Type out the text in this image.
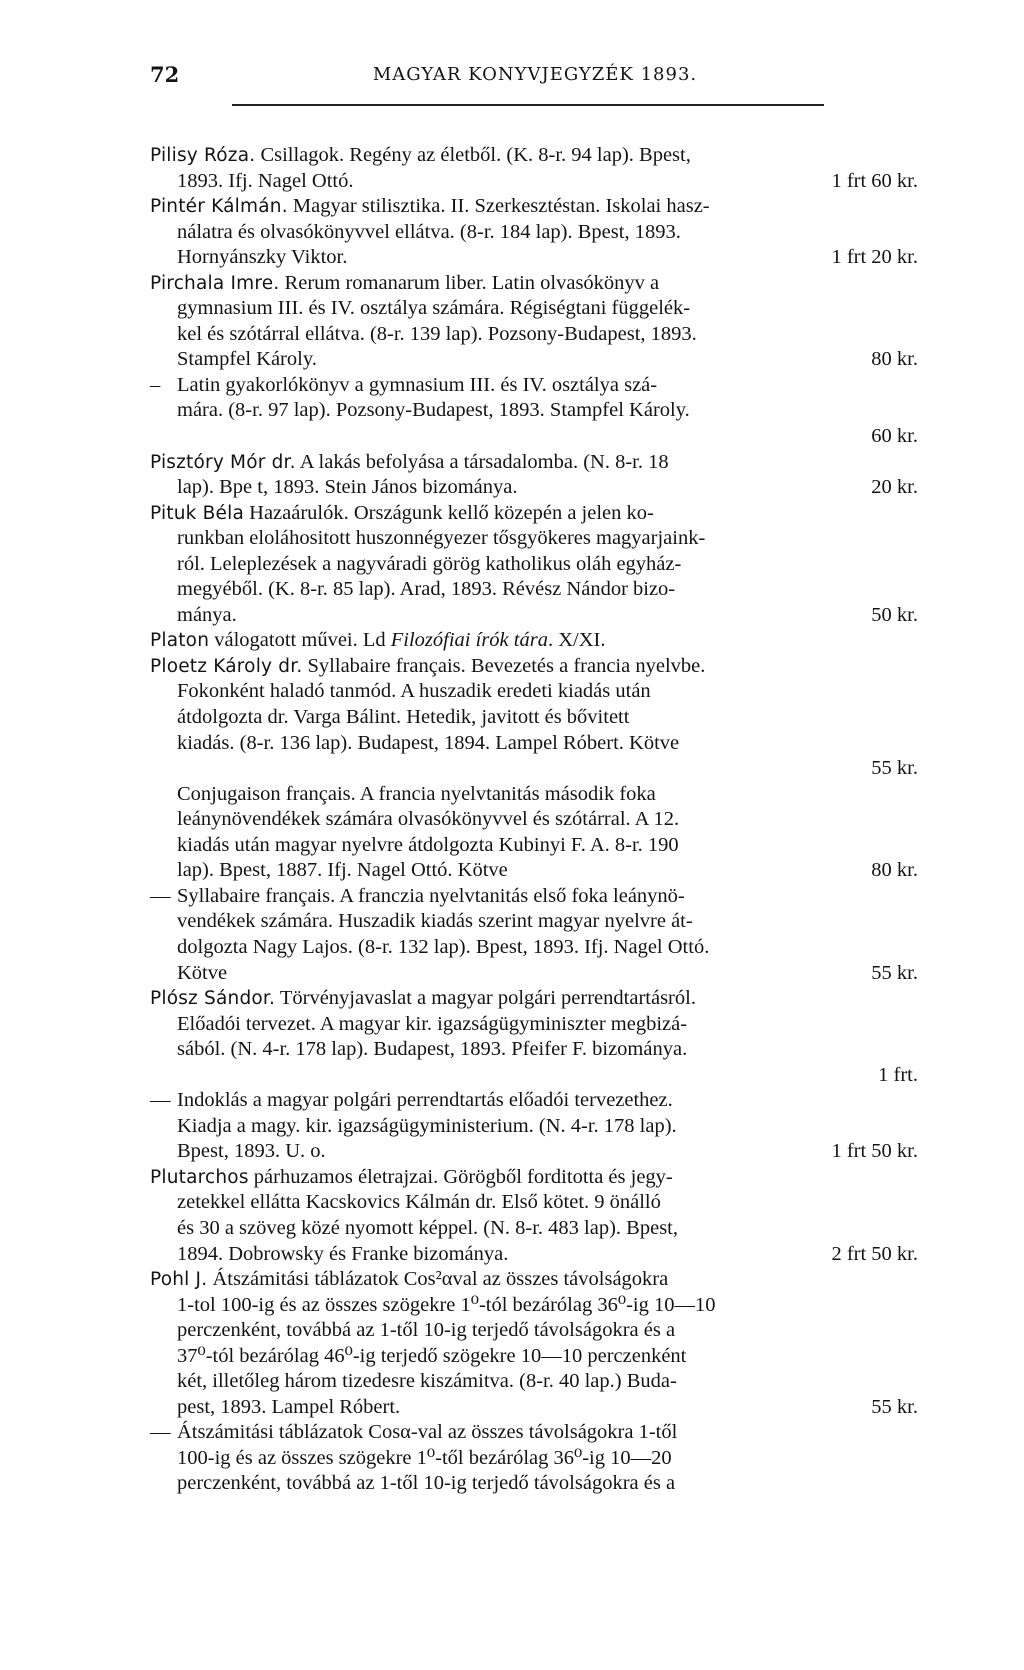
72	MAGYAR KONYVJEGYZÉK 1893.
Pilisy Róza. Csillagok. Regény az életből. (K. 8-r. 94 lap). Bpest,
1893. Ifj. Nagel Ottó.	1 frt 60 kr.
Pintér Kálmán. Magyar stilisztika. II. Szerkesztéstan. Iskolai hasz-
nálatra és olvasókönyvvel ellátva. (8-r. 184 lap). Bpest, 1893.
Hornyánszky Viktor.	1 frt 20 kr.
Pirchala Imre. Rerum romanarum liber. Latin olvasókönyv a
gymnasium III. és IV. osztálya számára. Régiségtani függelék-
kel és szótárral ellátva. (8-r. 139 lap). Pozsony-Budapest, 1893.
Stampfel Károly.	80 kr.
– Latin gyakorlókönyv a gymnasium III. és IV. osztálya szá-
mára. (8-r. 97 lap). Pozsony-Budapest, 1893. Stampfel Károly.
60 kr.
Pisztóry Mór dr. A lakás befolyása a társadalomba. (N. 8-r. 18
lap). Bpe t, 1893. Stein János bizománya.	20 kr.
Pituk Béla Hazaárulók. Országunk kellő közepén a jelen ko-
runkban eloláhositott huszonnégyezer tősgyökeres magyarjaink-
ról. Leleplezések a nagyváradi görög katholikus oláh egyház-
megyéből. (K. 8-r. 85 lap). Arad, 1893. Révész Nándor bizo-
mánya.	50 kr.
Platon válogatott művei. Ld Filozófiai írók tára. X/XI.
Ploetz Károly dr. Syllabaire français. Bevezetés a francia nyelvbe.
Fokonként haladó tanmód. A huszadik eredeti kiadás után
átdolgozta dr. Varga Bálint. Hetedik, javitott és bővitett
kiadás. (8-r. 136 lap). Budapest, 1894. Lampel Róbert. Kötve
55 kr.
Conjugaison français. A francia nyelvtanitás második foka
leánynövendékek számára olvasókönyvvel és szótárral. A 12.
kiadás után magyar nyelvre átdolgozta Kubinyi F. A. 8-r. 190
lap). Bpest, 1887. Ifj. Nagel Ottó. Kötve	80 kr.
— Syllabaire français. A franczia nyelvtanitás első foka leánynö-
vendékek számára. Huszadik kiadás szerint magyar nyelvre át-
dolgozta Nagy Lajos. (8-r. 132 lap). Bpest, 1893. Ifj. Nagel Ottó.
Kötve	55 kr.
Plósz Sándor. Törvényjavaslat a magyar polgári perrendtartásról.
Előadói tervezet. A magyar kir. igazságügyminiszter megbizá-
sából. (N. 4-r. 178 lap). Budapest, 1893. Pfeifer F. bizománya.
1 frt.
— Indoklás a magyar polgári perrendtartás előadói tervezethez.
Kiadja a magy. kir. igazságügyministerium. (N. 4-r. 178 lap).
Bpest, 1893. U. o.	1 frt 50 kr.
Plutarchos párhuzamos életrajzai. Görögből forditotta és jegy-
zetekkel ellátta Kacskovics Kálmán dr. Első kötet. 9 önálló
és 30 a szöveg közé nyomott képpel. (N. 8-r. 483 lap). Bpest,
1894. Dobrowsky és Franke bizománya.	2 frt 50 kr.
Pohl J. Átszámitási táblázatok Cos²αval az összes távolságokra
1-tol 100-ig és az összes szögekre 1⁰-tól bezárólag 36⁰-ig 10—10
perczenként, továbbá az 1-től 10-ig terjedő távolságokra és a
37⁰-tól bezárólag 46⁰-ig terjedő szögekre 10—10 perczenként
két, illetőleg három tizedesre kiszámitva. (8-r. 40 lap.) Buda-
pest, 1893. Lampel Róbert.	55 kr.
— Átszámitási táblázatok Cosα-val az összes távolságokra 1-től
100-ig és az összes szögekre 1⁰-től bezárólag 36⁰-ig 10—20
perczenként, továbbá az 1-től 10-ig terjedő távolságokra és a
